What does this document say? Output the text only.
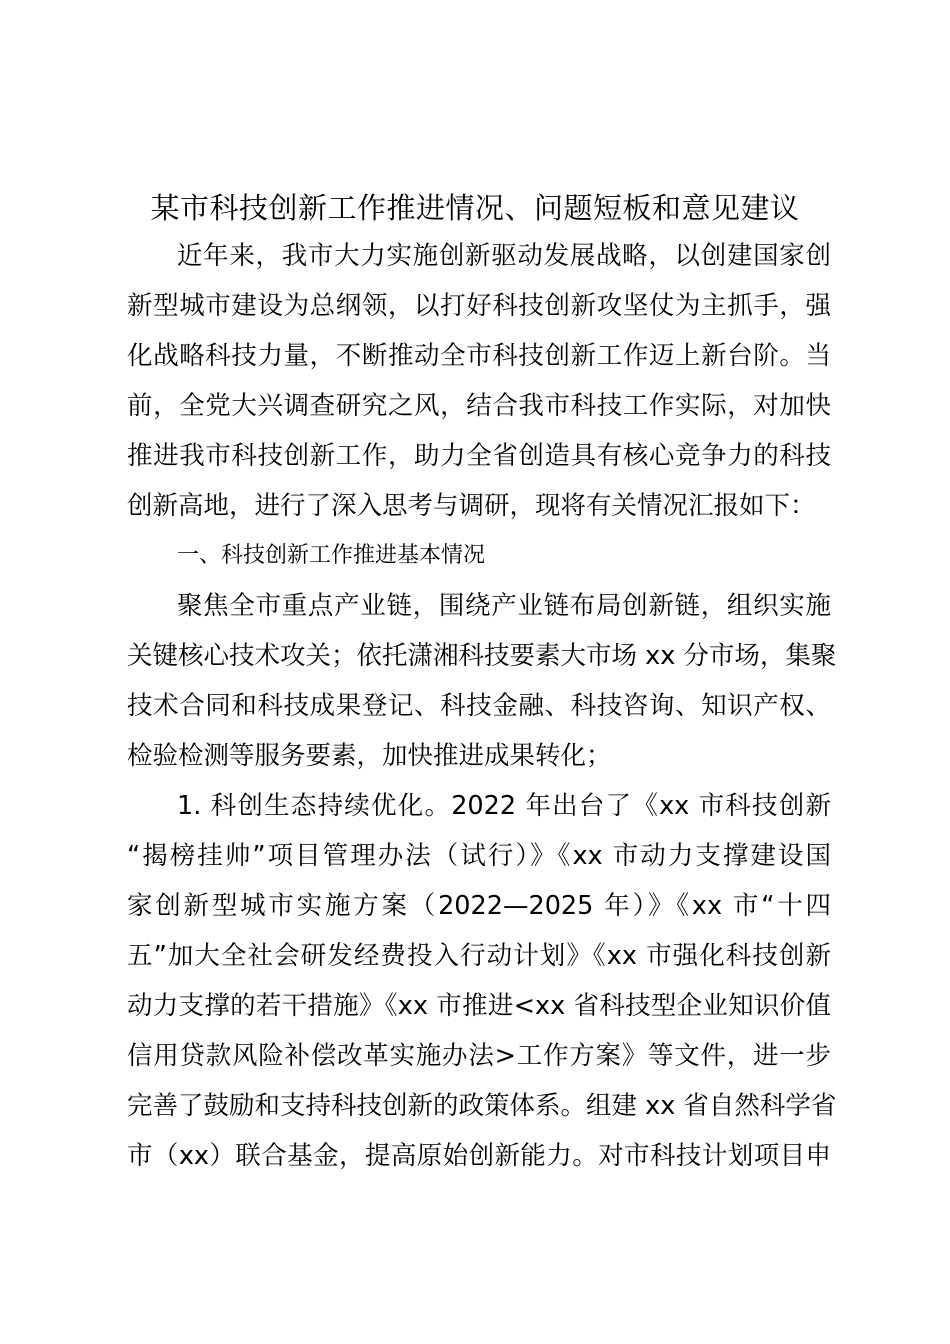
某市科技创新工作推进情况、问题短板和意见建议
近年来，我市大力实施创新驱动发展战略，以创建国家创
新型城市建设为总纲领，以打好科技创新攻坚仗为主抓手，强
化战略科技力量，不断推动全市科技创新工作迈上新台阶。当
前，全党大兴调查研究之风，结合我市科技工作实际，对加快
推进我市科技创新工作，助力全省创造具有核心竞争力的科技
创新高地，进行了深入思考与调研，现将有关情况汇报如下：
一、科技创新工作推进基本情况
聚焦全市重点产业链，围绕产业链布局创新链，组织实施
关键核心技术攻关；依托潇湘科技要素大市场 xx 分市场，集聚
技术合同和科技成果登记、科技金融、科技咨询、知识产权、
检验检测等服务要素，加快推进成果转化；
1. 科创生态持续优化。2022 年出台了《xx 市科技创新
“揭榜挂帅”项目管理办法（试行）》《xx 市动力支撑建设国
家创新型城市实施方案（2022—2025 年）》《xx 市“十四
五”加大全社会研发经费投入行动计划》《xx 市强化科技创新
动力支撑的若干措施》《xx 市推进<xx 省科技型企业知识价值
信用贷款风险补偿改革实施办法>工作方案》等文件，进一步
完善了鼓励和支持科技创新的政策体系。组建 xx 省自然科学省
市（xx）联合基金，提高原始创新能力。对市科技计划项目申
